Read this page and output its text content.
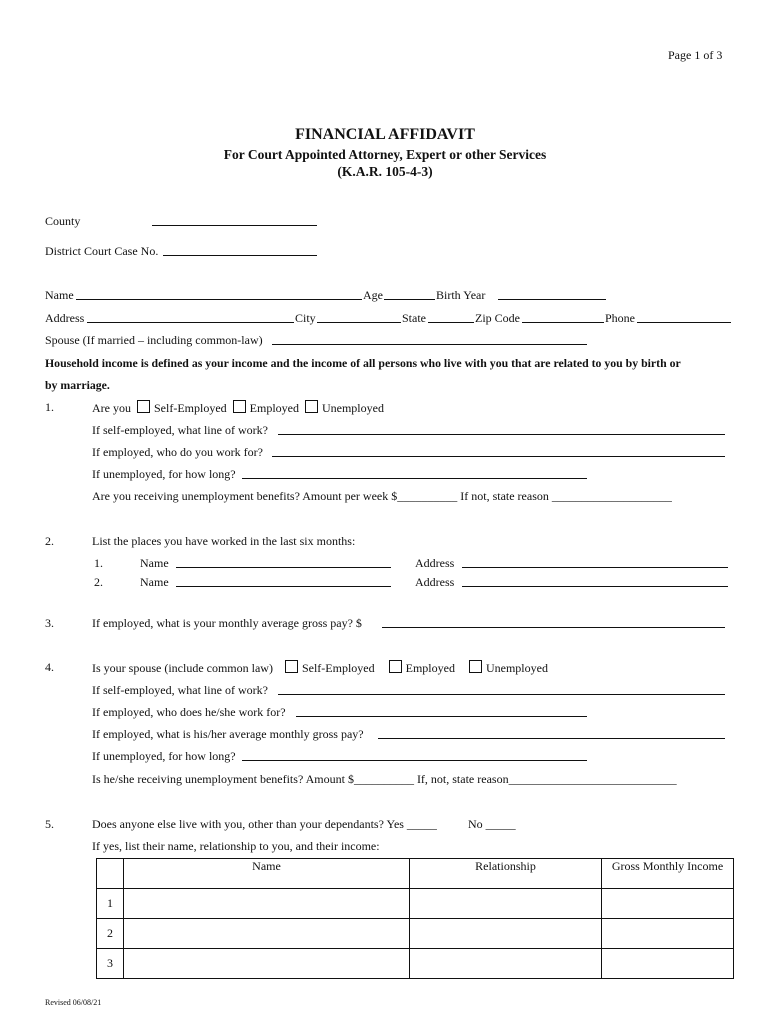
Page 1 of 3
FINANCIAL AFFIDAVIT
For Court Appointed Attorney, Expert or other Services
(K.A.R. 105-4-3)
County
District Court Case No.
Name	Age	Birth Year
Address	City	State	Zip Code	Phone
Spouse (If married – including common-law)
Household income is defined as your income and the income of all persons who live with you that are related to you by birth or
by marriage.
1.	Are you Self-Employed Employed Unemployed
If self-employed, what line of work?
If employed, who do you work for?
If unemployed, for how long?
Are you receiving unemployment benefits? Amount per week $__________ If not, state reason ____________________
2.	List the places you have worked in the last six months:
1.	Name	Address
2.	Name	Address
3.	If employed, what is your monthly average gross pay? $
4.	Is your spouse (include common law) Self-Employed	Employed	Unemployed
If self-employed, what line of work?
If employed, who does he/she work for?
If employed, what is his/her average monthly gross pay?
If unemployed, for how long?
Is he/she receiving unemployment benefits? Amount $__________ If, not, state reason____________________________
5.	Does anyone else live with you, other than your dependants? Yes _____	No _____
If yes, list their name, relationship to you, and their income:
	Name	Relationship	Gross Monthly Income
1			
2			
3			
Revised 06/08/21
